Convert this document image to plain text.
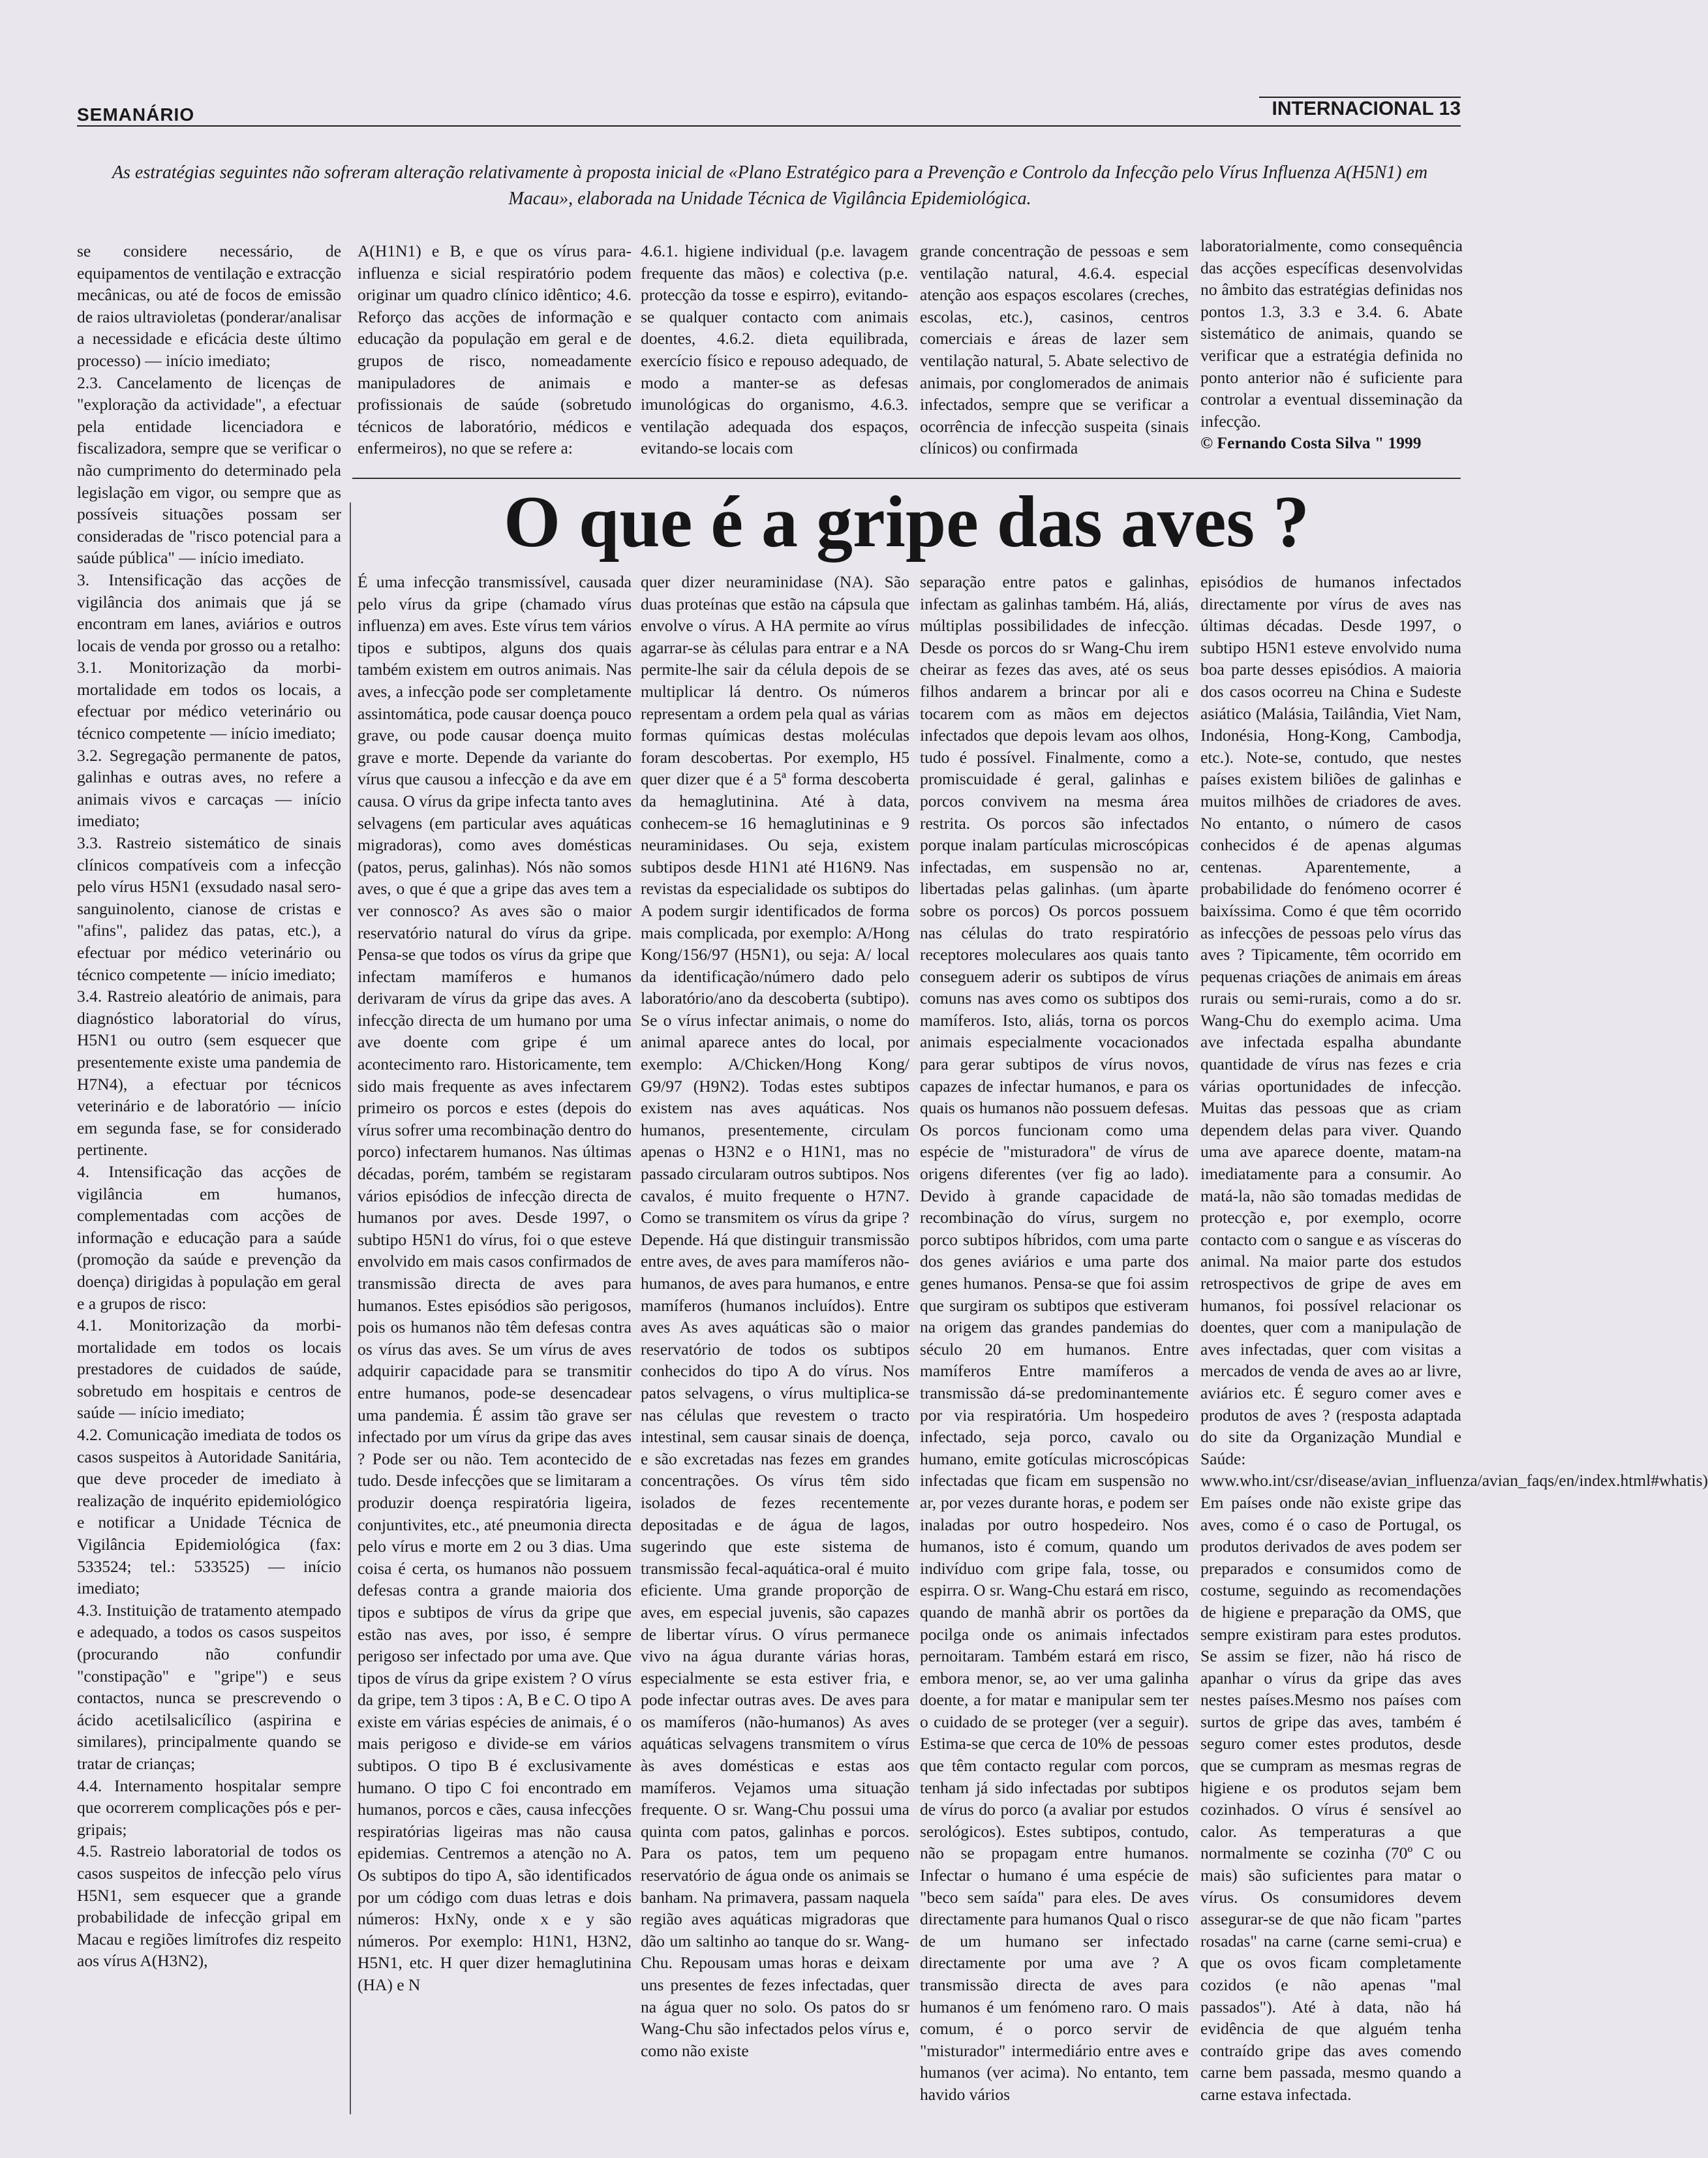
SEMANÁRIO	INTERNACIONAL 13
As estratégias seguintes não sofreram alteração relativamente à proposta inicial de «Plano Estratégico para a Prevenção e Controlo da Infecção pelo Vírus Influenza A(H5N1) em Macau», elaborada na Unidade Técnica de Vigilância Epidemiológica.

se considere necessário, de equipamentos de ventilação e extracção mecânicas, ou até de focos de emissão de raios ultravioletas (ponderar/analisar a necessidade e eficácia deste último processo) — início imediato;

2.3. Cancelamento de licenças de "exploração da actividade", a efectuar pela entidade licenciadora e fiscalizadora, sempre que se verificar o não cumprimento do determinado pela legislação em vigor, ou sempre que as possíveis situações possam ser consideradas de "risco potencial para a saúde pública" — início imediato.

3. Intensificação das acções de vigilância dos animais que já se encontram em lanes, aviários e outros locais de venda por grosso ou a retalho:

3.1. Monitorização da morbi-mortalidade em todos os locais, a efectuar por médico veterinário ou técnico competente — início imediato;

3.2. Segregação permanente de patos, galinhas e outras aves, no refere a animais vivos e carcaças — início imediato;

3.3. Rastreio sistemático de sinais clínicos compatíveis com a infecção pelo vírus H5N1 (exsudado nasal sero-sanguinolento, cianose de cristas e "afins", palidez das patas, etc.), a efectuar por médico veterinário ou técnico competente — início imediato;

3.4. Rastreio aleatório de animais, para diagnóstico laboratorial do vírus, H5N1 ou outro (sem esquecer que presentemente existe uma pandemia de H7N4), a efectuar por técnicos veterinário e de laboratório — início em segunda fase, se for considerado pertinente.

4. Intensificação das acções de vigilância em humanos, complementadas com acções de informação e educação para a saúde (promoção da saúde e prevenção da doença) dirigidas à população em geral e a grupos de risco:

4.1. Monitorização da morbi-mortalidade em todos os locais prestadores de cuidados de saúde, sobretudo em hospitais e centros de saúde — início imediato;

4.2. Comunicação imediata de todos os casos suspeitos à Autoridade Sanitária, que deve proceder de imediato à realização de inquérito epidemiológico e notificar a Unidade Técnica de Vigilância Epidemiológica (fax: 533524; tel.: 533525) — início imediato;

4.3. Instituição de tratamento atempado e adequado, a todos os casos suspeitos (procurando não confundir "constipação" e "gripe") e seus contactos, nunca se prescrevendo o ácido acetilsalicílico (aspirina e similares), principalmente quando se tratar de crianças;

4.4. Internamento hospitalar sempre que ocorrerem complicações pós e per-gripais;

4.5. Rastreio laboratorial de todos os casos suspeitos de infecção pelo vírus H5N1, sem esquecer que a grande probabilidade de infecção gripal em Macau e regiões limítrofes diz respeito aos vírus A(H3N2),

A(H1N1) e B, e que os vírus para-influenza e sicial respiratório podem originar um quadro clínico idêntico; 4.6. Reforço das acções de informação e educação da população em geral e de grupos de risco, nomeadamente manipuladores de animais e profissionais de saúde (sobretudo técnicos de laboratório, médicos e enfermeiros), no que se refere a:

4.6.1. higiene individual (p.e. lavagem frequente das mãos) e colectiva (p.e. protecção da tosse e espirro), evitando-se qualquer contacto com animais doentes, 4.6.2. dieta equilibrada, exercício físico e repouso adequado, de modo a manter-se as defesas imunológicas do organismo, 4.6.3. ventilação adequada dos espaços, evitando-se locais com

grande concentração de pessoas e sem ventilação natural, 4.6.4. especial atenção aos espaços escolares (creches, escolas, etc.), casinos, centros comerciais e áreas de lazer sem ventilação natural, 5. Abate selectivo de animais, por conglomerados de animais infectados, sempre que se verificar a ocorrência de infecção suspeita (sinais clínicos) ou confirmada

laboratorialmente, como consequência das acções específicas desenvolvidas no âmbito das estratégias definidas nos pontos 1.3, 3.3 e 3.4. 6. Abate sistemático de animais, quando se verificar que a estratégia definida no ponto anterior não é suficiente para controlar a eventual disseminação da infecção.

© Fernando Costa Silva " 1999

O que é a gripe das aves ?

É uma infecção transmissível, causada pelo vírus da gripe (chamado vírus influenza) em aves. Este vírus tem vários tipos e subtipos, alguns dos quais também existem em outros animais. Nas aves, a infecção pode ser completamente assintomática, pode causar doença pouco grave, ou pode causar doença muito grave e morte. Depende da variante do vírus que causou a infecção e da ave em causa. O vírus da gripe infecta tanto aves selvagens (em particular aves aquáticas migradoras), como aves domésticas (patos, perus, galinhas). Nós não somos aves, o que é que a gripe das aves tem a ver connosco? As aves são o maior reservatório natural do vírus da gripe. Pensa-se que todos os vírus da gripe que infectam mamíferos e humanos derivaram de vírus da gripe das aves. A infecção directa de um humano por uma ave doente com gripe é um acontecimento raro. Historicamente, tem sido mais frequente as aves infectarem primeiro os porcos e estes (depois do vírus sofrer uma recombinação dentro do porco) infectarem humanos. Nas últimas décadas, porém, também se registaram vários episódios de infecção directa de humanos por aves. Desde 1997, o subtipo H5N1 do vírus, foi o que esteve envolvido em mais casos confirmados de transmissão directa de aves para humanos. Estes episódios são perigosos, pois os humanos não têm defesas contra os vírus das aves. Se um vírus de aves adquirir capacidade para se transmitir entre humanos, pode-se desencadear uma pandemia. É assim tão grave ser infectado por um vírus da gripe das aves ? Pode ser ou não. Tem acontecido de tudo. Desde infecções que se limitaram a produzir doença respiratória ligeira, conjuntivites, etc., até pneumonia directa pelo vírus e morte em 2 ou 3 dias. Uma coisa é certa, os humanos não possuem defesas contra a grande maioria dos tipos e subtipos de vírus da gripe que estão nas aves, por isso, é sempre perigoso ser infectado por uma ave. Que tipos de vírus da gripe existem ? O vírus da gripe, tem 3 tipos : A, B e C. O tipo A existe em várias espécies de animais, é o mais perigoso e divide-se em vários subtipos. O tipo B é exclusivamente humano. O tipo C foi encontrado em humanos, porcos e cães, causa infecções respiratórias ligeiras mas não causa epidemias. Centremos a atenção no A. Os subtipos do tipo A, são identificados por um código com duas letras e dois números: HxNy, onde x e y são números. Por exemplo: H1N1, H3N2, H5N1, etc. H quer dizer hemaglutinina (HA) e N

quer dizer neuraminidase (NA). São duas proteínas que estão na cápsula que envolve o vírus. A HA permite ao vírus agarrar-se às células para entrar e a NA permite-lhe sair da célula depois de se multiplicar lá dentro. Os números representam a ordem pela qual as várias formas químicas destas moléculas foram descobertas. Por exemplo, H5 quer dizer que é a 5ª forma descoberta da hemaglutinina. Até à data, conhecem-se 16 hemaglutininas e 9 neuraminidases. Ou seja, existem subtipos desde H1N1 até H16N9. Nas revistas da especialidade os subtipos do A podem surgir identificados de forma mais complicada, por exemplo: A/Hong Kong/156/97 (H5N1), ou seja: A/ local da identificação/número dado pelo laboratório/ano da descoberta (subtipo). Se o vírus infectar animais, o nome do animal aparece antes do local, por exemplo: A/Chicken/Hong Kong/ G9/97 (H9N2). Todas estes subtipos existem nas aves aquáticas. Nos humanos, presentemente, circulam apenas o H3N2 e o H1N1, mas no passado circularam outros subtipos. Nos cavalos, é muito frequente o H7N7. Como se transmitem os vírus da gripe ? Depende. Há que distinguir transmissão entre aves, de aves para mamíferos não-humanos, de aves para humanos, e entre mamíferos (humanos incluídos). Entre aves As aves aquáticas são o maior reservatório de todos os subtipos conhecidos do tipo A do vírus. Nos patos selvagens, o vírus multiplica-se nas células que revestem o tracto intestinal, sem causar sinais de doença, e são excretadas nas fezes em grandes concentrações. Os vírus têm sido isolados de fezes recentemente depositadas e de água de lagos, sugerindo que este sistema de transmissão fecal-aquática-oral é muito eficiente. Uma grande proporção de aves, em especial juvenis, são capazes de libertar vírus. O vírus permanece vivo na água durante várias horas, especialmente se esta estiver fria, e pode infectar outras aves. De aves para os mamíferos (não-humanos) As aves aquáticas selvagens transmitem o vírus às aves domésticas e estas aos mamíferos. Vejamos uma situação frequente. O sr. Wang-Chu possui uma quinta com patos, galinhas e porcos. Para os patos, tem um pequeno reservatório de água onde os animais se banham. Na primavera, passam naquela região aves aquáticas migradoras que dão um saltinho ao tanque do sr. Wang-Chu. Repousam umas horas e deixam uns presentes de fezes infectadas, quer na água quer no solo. Os patos do sr Wang-Chu são infectados pelos vírus e, como não existe

separação entre patos e galinhas, infectam as galinhas também. Há, aliás, múltiplas possibilidades de infecção. Desde os porcos do sr Wang-Chu irem cheirar as fezes das aves, até os seus filhos andarem a brincar por ali e tocarem com as mãos em dejectos infectados que depois levam aos olhos, tudo é possível. Finalmente, como a promiscuidade é geral, galinhas e porcos convivem na mesma área restrita. Os porcos são infectados porque inalam partículas microscópicas infectadas, em suspensão no ar, libertadas pelas galinhas. (um àparte sobre os porcos) Os porcos possuem nas células do trato respiratório receptores moleculares aos quais tanto conseguem aderir os subtipos de vírus comuns nas aves como os subtipos dos mamíferos. Isto, aliás, torna os porcos animais especialmente vocacionados para gerar subtipos de vírus novos, capazes de infectar humanos, e para os quais os humanos não possuem defesas. Os porcos funcionam como uma espécie de "misturadora" de vírus de origens diferentes (ver fig ao lado). Devido à grande capacidade de recombinação do vírus, surgem no porco subtipos híbridos, com uma parte dos genes aviários e uma parte dos genes humanos. Pensa-se que foi assim que surgiram os subtipos que estiveram na origem das grandes pandemias do século 20 em humanos. Entre mamíferos Entre mamíferos a transmissão dá-se predominantemente por via respiratória. Um hospedeiro infectado, seja porco, cavalo ou humano, emite gotículas microscópicas infectadas que ficam em suspensão no ar, por vezes durante horas, e podem ser inaladas por outro hospedeiro. Nos humanos, isto é comum, quando um indivíduo com gripe fala, tosse, ou espirra. O sr. Wang-Chu estará em risco, quando de manhã abrir os portões da pocilga onde os animais infectados pernoitaram. Também estará em risco, embora menor, se, ao ver uma galinha doente, a for matar e manipular sem ter o cuidado de se proteger (ver a seguir). Estima-se que cerca de 10% de pessoas que têm contacto regular com porcos, tenham já sido infectadas por subtipos de vírus do porco (a avaliar por estudos serológicos). Estes subtipos, contudo, não se propagam entre humanos. Infectar o humano é uma espécie de "beco sem saída" para eles. De aves directamente para humanos Qual o risco de um humano ser infectado directamente por uma ave ? A transmissão directa de aves para humanos é um fenómeno raro. O mais comum, é o porco servir de "misturador" intermediário entre aves e humanos (ver acima). No entanto, tem havido vários

episódios de humanos infectados directamente por vírus de aves nas últimas décadas. Desde 1997, o subtipo H5N1 esteve envolvido numa boa parte desses episódios. A maioria dos casos ocorreu na China e Sudeste asiático (Malásia, Tailândia, Viet Nam, Indonésia, Hong-Kong, Cambodja, etc.). Note-se, contudo, que nestes países existem biliões de galinhas e muitos milhões de criadores de aves. No entanto, o número de casos conhecidos é de apenas algumas centenas. Aparentemente, a probabilidade do fenómeno ocorrer é baixíssima. Como é que têm ocorrido as infecções de pessoas pelo vírus das aves ? Tipicamente, têm ocorrido em pequenas criações de animais em áreas rurais ou semi-rurais, como a do sr. Wang-Chu do exemplo acima. Uma ave infectada espalha abundante quantidade de vírus nas fezes e cria várias oportunidades de infecção. Muitas das pessoas que as criam dependem delas para viver. Quando uma ave aparece doente, matam-na imediatamente para a consumir. Ao matá-la, não são tomadas medidas de protecção e, por exemplo, ocorre contacto com o sangue e as vísceras do animal. Na maior parte dos estudos retrospectivos de gripe de aves em humanos, foi possível relacionar os doentes, quer com a manipulação de aves infectadas, quer com visitas a mercados de venda de aves ao ar livre, aviários etc. É seguro comer aves e produtos de aves ? (resposta adaptada do site da Organização Mundial e Saúde: www.who.int/csr/disease/avian_influenza/avian_faqs/en/index.html#whatis) Em países onde não existe gripe das aves, como é o caso de Portugal, os produtos derivados de aves podem ser preparados e consumidos como de costume, seguindo as recomendações de higiene e preparação da OMS, que sempre existiram para estes produtos. Se assim se fizer, não há risco de apanhar o vírus da gripe das aves nestes países.Mesmo nos países com surtos de gripe das aves, também é seguro comer estes produtos, desde que se cumpram as mesmas regras de higiene e os produtos sejam bem cozinhados. O vírus é sensível ao calor. As temperaturas a que normalmente se cozinha (70º C ou mais) são suficientes para matar o vírus. Os consumidores devem assegurar-se de que não ficam "partes rosadas" na carne (carne semi-crua) e que os ovos ficam completamente cozidos (e não apenas "mal passados"). Até à data, não há evidência de que alguém tenha contraído gripe das aves comendo carne bem passada, mesmo quando a carne estava infectada.
